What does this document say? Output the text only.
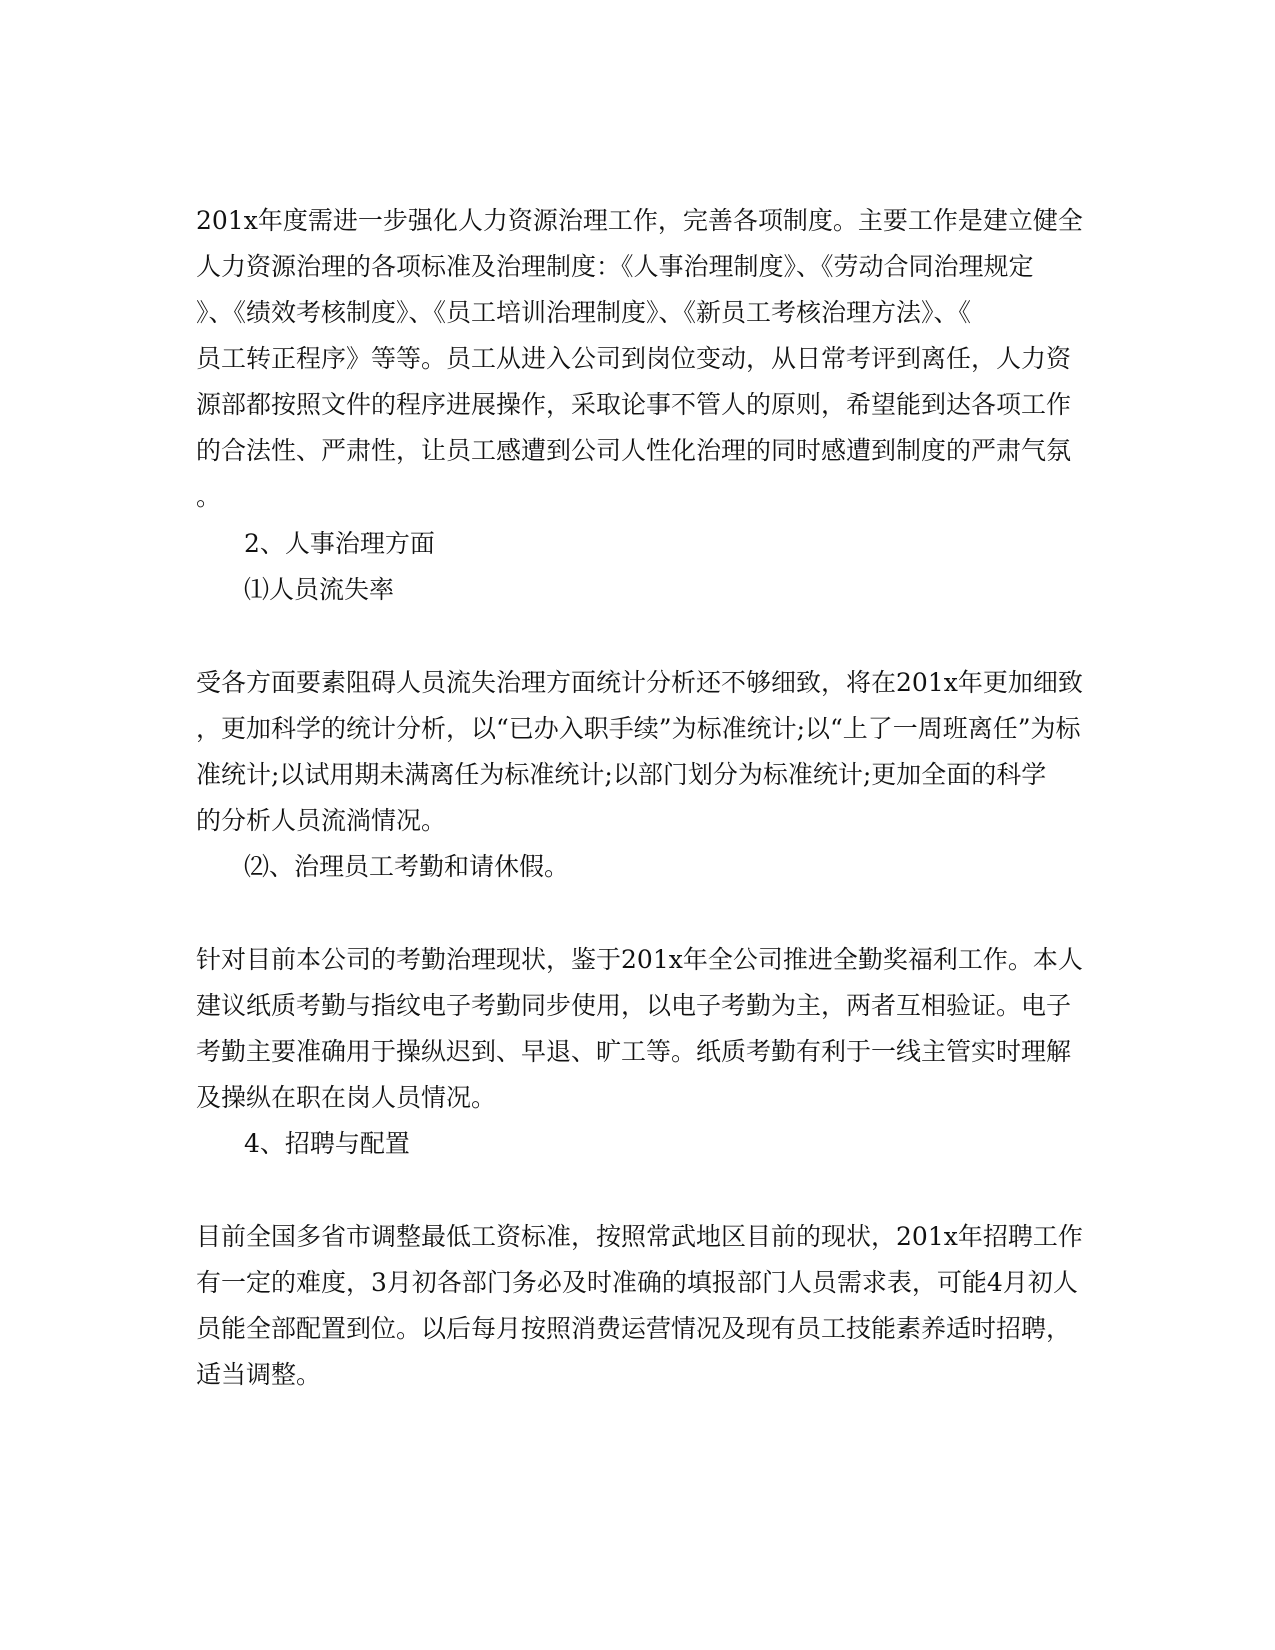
201x年度需进一步强化人力资源治理工作，完善各项制度。主要工作是建立健全

人力资源治理的各项标准及治理制度：《人事治理制度》、《劳动合同治理规定

》、《绩效考核制度》、《员工培训治理制度》、《新员工考核治理方法》、《

员工转正程序》等等。员工从进入公司到岗位变动，从日常考评到离任，人力资

源部都按照文件的程序进展操作，采取论事不管人的原则，希望能到达各项工作

的合法性、严肃性，让员工感遭到公司人性化治理的同时感遭到制度的严肃气氛

。

2、人事治理方面

⑴人员流失率

受各方面要素阻碍人员流失治理方面统计分析还不够细致，将在201x年更加细致

，更加科学的统计分析，以“已办入职手续”为标准统计;以“上了一周班离任”为标

准统计;以试用期未满离任为标准统计;以部门划分为标准统计;更加全面的科学

的分析人员流淌情况。

⑵、治理员工考勤和请休假。

针对目前本公司的考勤治理现状，鉴于201x年全公司推进全勤奖福利工作。本人

建议纸质考勤与指纹电子考勤同步使用，以电子考勤为主，两者互相验证。电子

考勤主要准确用于操纵迟到、早退、旷工等。纸质考勤有利于一线主管实时理解

及操纵在职在岗人员情况。

4、招聘与配置

目前全国多省市调整最低工资标准，按照常武地区目前的现状，201x年招聘工作

有一定的难度，3月初各部门务必及时准确的填报部门人员需求表，可能4月初人

员能全部配置到位。以后每月按照消费运营情况及现有员工技能素养适时招聘，

适当调整。
